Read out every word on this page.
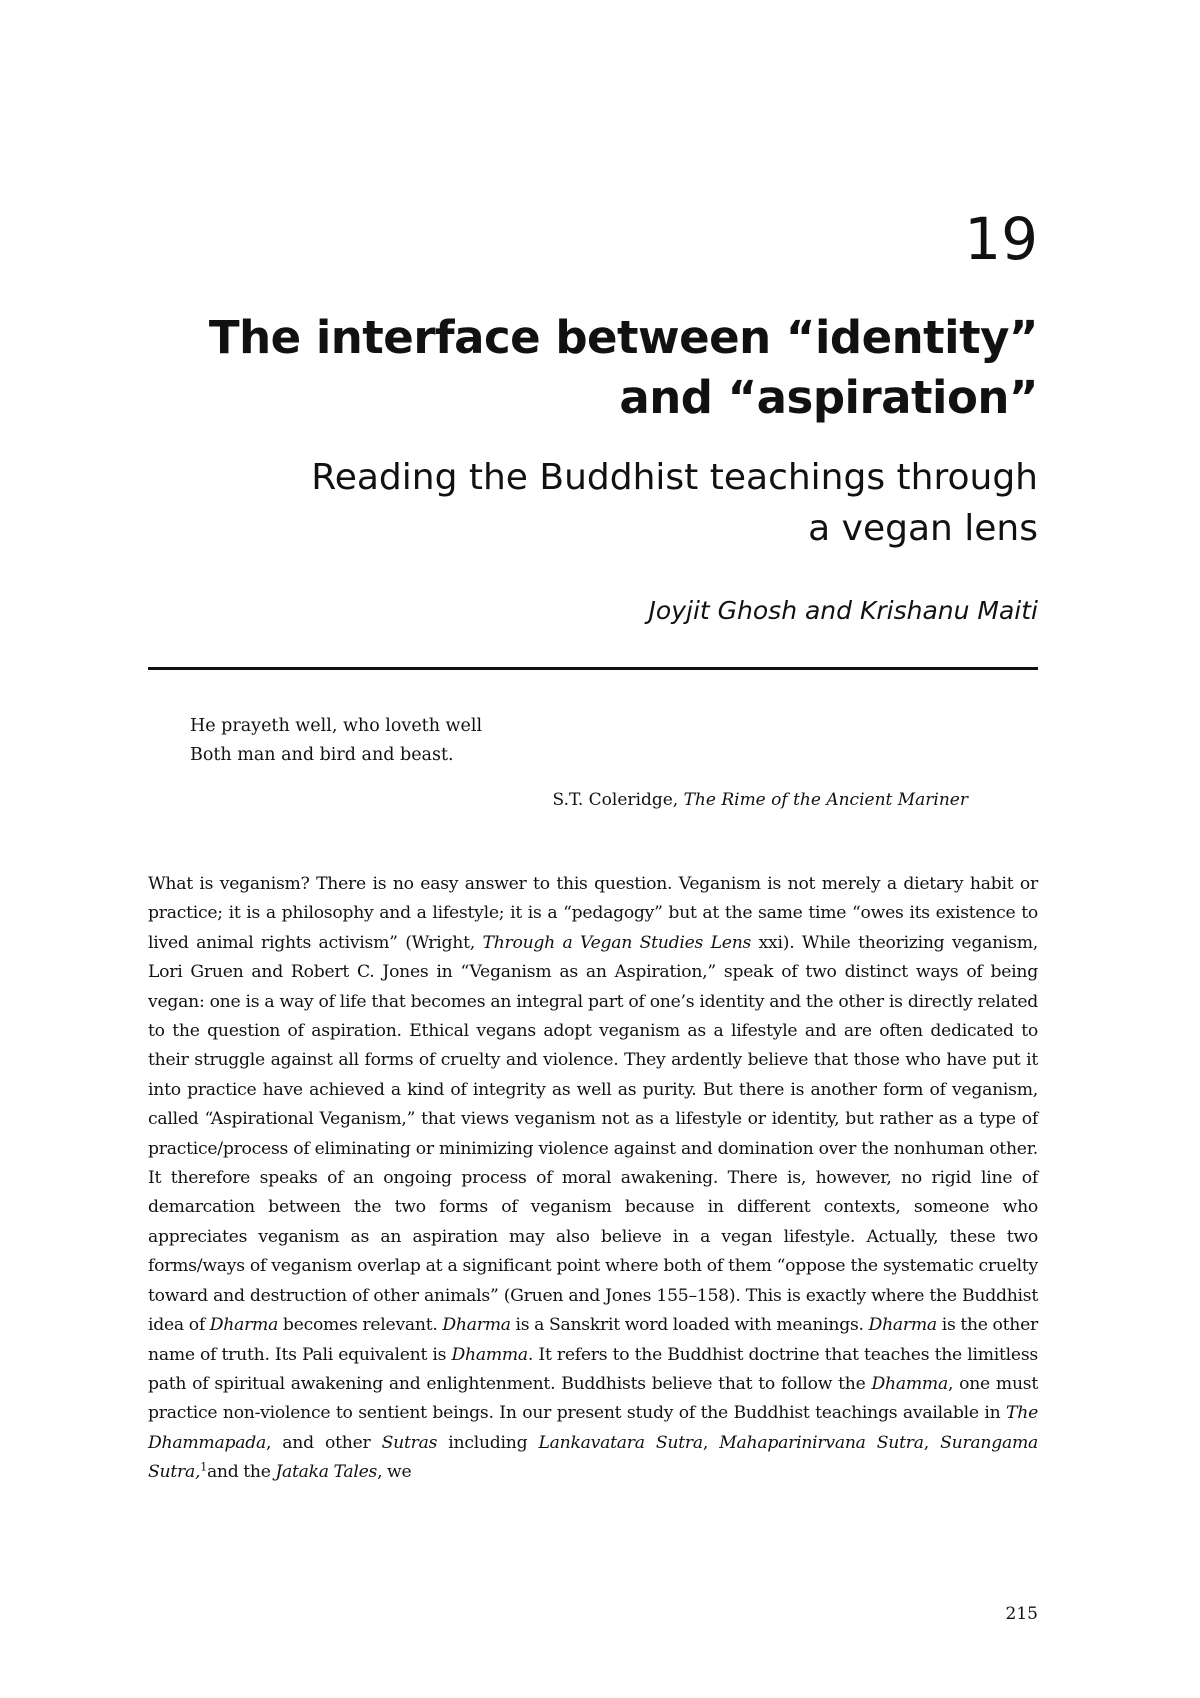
19
The interface between “identity”
and “aspiration”
Reading the Buddhist teachings through
a vegan lens
Joyjit Ghosh and Krishanu Maiti
He prayeth well, who loveth well
Both man and bird and beast.
S.T. Coleridge, The Rime of the Ancient Mariner

What is veganism? There is no easy answer to this question. Veganism is not merely a dietary habit or practice; it is a philosophy and a lifestyle; it is a “pedagogy” but at the same time “owes its existence to lived animal rights activism” (Wright, Through a Vegan Studies Lens xxi). While theorizing veganism, Lori Gruen and Robert C. Jones in “Veganism as an Aspiration,” speak of two distinct ways of being vegan: one is a way of life that becomes an integral part of one’s identity and the other is directly related to the question of aspiration. Ethical vegans adopt veganism as a lifestyle and are often dedicated to their struggle against all forms of cruelty and violence. They ardently believe that those who have put it into practice have achieved a kind of integrity as well as purity. But there is another form of veganism, called “Aspirational Veganism,” that views veganism not as a lifestyle or identity, but rather as a type of practice/process of eliminating or minimizing violence against and domination over the nonhuman other. It therefore speaks of an ongoing process of moral awakening. There is, however, no rigid line of demarcation between the two forms of veganism because in different contexts, someone who appreciates veganism as an aspiration may also believe in a vegan lifestyle. Actually, these two forms/ways of veganism overlap at a significant point where both of them “oppose the systematic cruelty toward and destruction of other animals” (Gruen and Jones 155–158). This is exactly where the Buddhist idea of Dharma becomes relevant. Dharma is a Sanskrit word loaded with meanings. Dharma is the other name of truth. Its Pali equivalent is Dhamma. It refers to the Buddhist doctrine that teaches the limitless path of spiritual awakening and enlightenment. Buddhists believe that to follow the Dhamma, one must practice non-violence to sentient beings. In our present study of the Buddhist teachings available in The Dhammapada, and other Sutras including Lankavatara Sutra, Mahaparinirvana Sutra, Surangama Sutra,$^1$and the Jataka Tales, we

215
